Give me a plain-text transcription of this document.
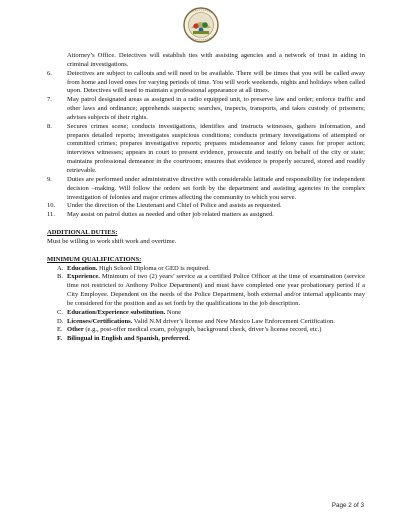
Attorney’s Office. Detectives will establish ties with assisting agencies and a network of trust in aiding in criminal investigations.
6.	Detectives are subject to callouts and will need to be available. There will be times that you will be called away from home and loved ones for varying periods of time. You will work weekends, nights and holidays when called upon. Detectives will need to maintain a professional appearance at all times.
7.	May patrol designated areas as assigned in a radio equipped unit, to preserve law and order; enforce traffic and other laws and ordinance; apprehends suspects; searches, inspects, transports, and takes custody of prisoners; advises subjects of their rights.
8.	Secures crimes scene; conducts investigations, identifies and instructs witnesses, gathers information, and prepares detailed reports; investigates suspicious conditions; conducts primary investigations of attempted or committed crimes; prepares investigative reports; prepares misdemeanor and felony cases for proper action; interviews witnesses; appears in court to present evidence, prosecute and testify on behalf of the city or state; maintains professional demeanor in the courtroom; ensures that evidence is properly secured, stored and readily retrievable.
9.	Duties are performed under administrative directive with considerable latitude and responsibility for independent decision –making. Will follow the orders set forth by the department and assisting agencies in the complex investigation of felonies and major crimes affecting the community to which you serve.
10.	Under the direction of the Lieutenant and Chief of Police and assists as requested.
11.	May assist on patrol duties as needed and other job related matters as assigned.
ADDITIONAL DUTIES:
Must be willing to work shift work and overtime.
MINIMUM QUALIFICATIONS:
A. Education. High School Diploma or GED is required.
B. Experience. Minimum of two (2) years’ service as a certified Police Officer at the time of examination (service time not restricted to Anthony Police Department) and must have completed one year probationary period if a City Employee. Dependent on the needs of the Police Department, both external and/or internal applicants may be considered for the position and as set forth by the qualifications in the job description.
C. Education/Experience substitution. None
D. Licenses/Certifications. Valid N.M driver’s license and New Mexico Law Enforcement Certification.
E. Other (e.g., post-offer medical exam, polygraph, background check, driver’s license record, etc.)
F. Bilingual in English and Spanish, preferred.
Page 2 of 3
